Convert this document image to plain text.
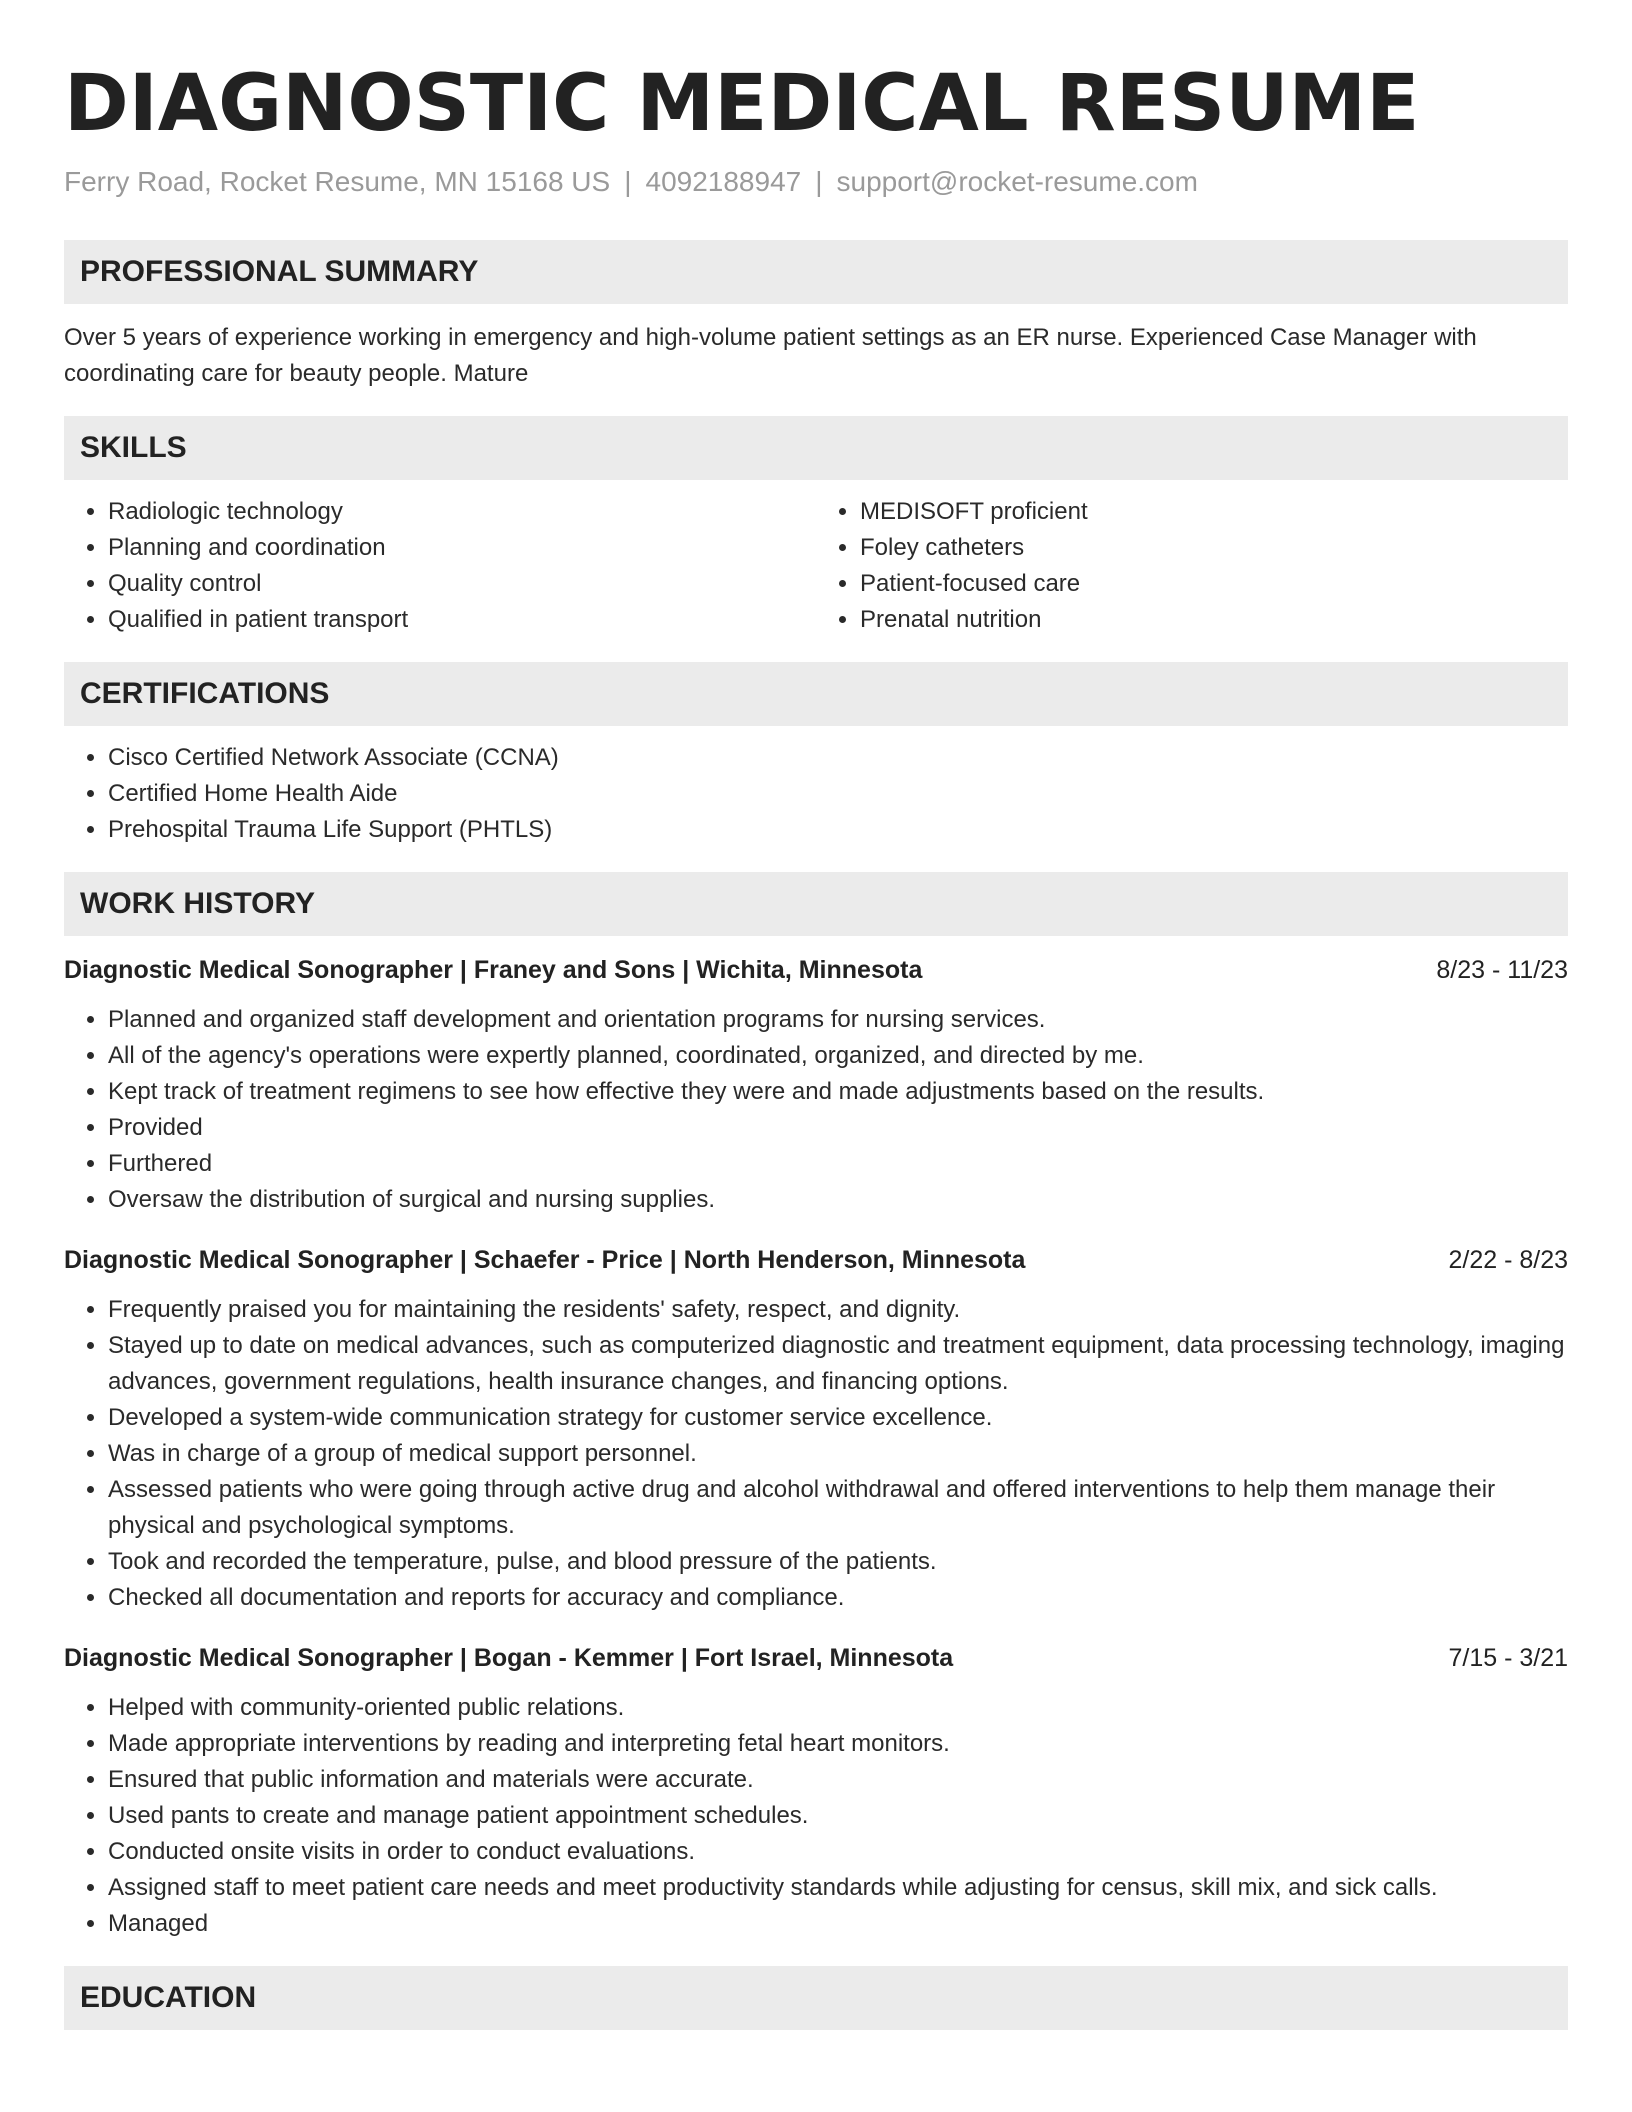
DIAGNOSTIC MEDICAL RESUME
Ferry Road, Rocket Resume, MN 15168 US | 4092188947 | support@rocket-resume.com
PROFESSIONAL SUMMARY

Over 5 years of experience working in emergency and high-volume patient settings as an ER nurse. Experienced Case Manager with coordinating care for beauty people. Mature

SKILLS
• Radiologic technology
• Planning and coordination
• Quality control
• Qualified in patient transport
• MEDISOFT proficient
• Foley catheters
• Patient-focused care
• Prenatal nutrition
CERTIFICATIONS
• Cisco Certified Network Associate (CCNA)
• Certified Home Health Aide
• Prehospital Trauma Life Support (PHTLS)
WORK HISTORY
Diagnostic Medical Sonographer | Franey and Sons | Wichita, Minnesota	8/23 - 11/23
• Planned and organized staff development and orientation programs for nursing services.
• All of the agency's operations were expertly planned, coordinated, organized, and directed by me.
• Kept track of treatment regimens to see how effective they were and made adjustments based on the results.
• Provided
• Furthered
• Oversaw the distribution of surgical and nursing supplies.
Diagnostic Medical Sonographer | Schaefer - Price | North Henderson, Minnesota	2/22 - 8/23
• Frequently praised you for maintaining the residents' safety, respect, and dignity.
• Stayed up to date on medical advances, such as computerized diagnostic and treatment equipment, data processing technology, imaging advances, government regulations, health insurance changes, and financing options.
• Developed a system-wide communication strategy for customer service excellence.
• Was in charge of a group of medical support personnel.
• Assessed patients who were going through active drug and alcohol withdrawal and offered interventions to help them manage their physical and psychological symptoms.
• Took and recorded the temperature, pulse, and blood pressure of the patients.
• Checked all documentation and reports for accuracy and compliance.
Diagnostic Medical Sonographer | Bogan - Kemmer | Fort Israel, Minnesota	7/15 - 3/21
• Helped with community-oriented public relations.
• Made appropriate interventions by reading and interpreting fetal heart monitors.
• Ensured that public information and materials were accurate.
• Used pants to create and manage patient appointment schedules.
• Conducted onsite visits in order to conduct evaluations.
• Assigned staff to meet patient care needs and meet productivity standards while adjusting for census, skill mix, and sick calls.
• Managed
EDUCATION
